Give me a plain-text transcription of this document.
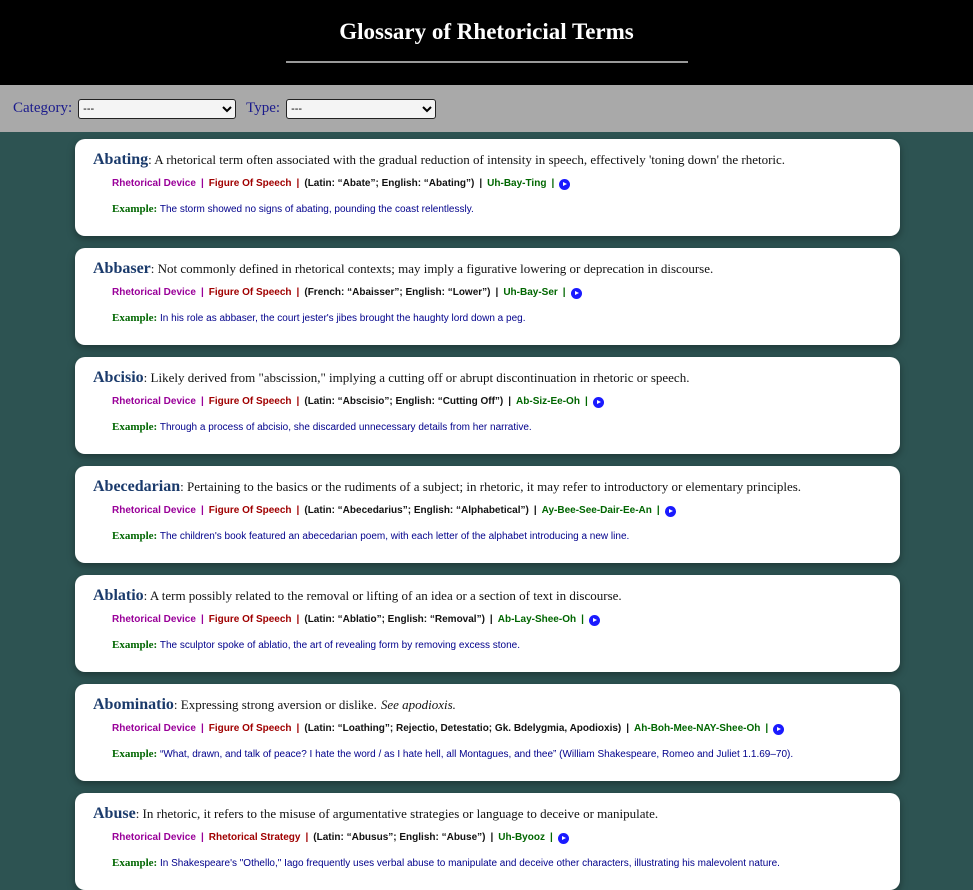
Glossary of Rhetoricial Terms
Category:
---	Type:
---
Abating: A rhetorical term often associated with the gradual reduction of intensity in speech, effectively 'toning down' the rhetoric.
Rhetorical Device | Figure Of Speech | (Latin: “Abate”; English: “Abating”) | Uh-Bay-Ting |
Example: The storm showed no signs of abating, pounding the coast relentlessly.
Abbaser: Not commonly defined in rhetorical contexts; may imply a figurative lowering or deprecation in discourse.
Rhetorical Device | Figure Of Speech | (French: “Abaisser”; English: “Lower”) | Uh-Bay-Ser |
Example: In his role as abbaser, the court jester's jibes brought the haughty lord down a peg.
Abcisio: Likely derived from "abscission," implying a cutting off or abrupt discontinuation in rhetoric or speech.
Rhetorical Device | Figure Of Speech | (Latin: “Abscisio”; English: “Cutting Off”) | Ab-Siz-Ee-Oh |
Example: Through a process of abcisio, she discarded unnecessary details from her narrative.
Abecedarian: Pertaining to the basics or the rudiments of a subject; in rhetoric, it may refer to introductory or elementary principles.
Rhetorical Device | Figure Of Speech | (Latin: “Abecedarius”; English: “Alphabetical”) | Ay-Bee-See-Dair-Ee-An |
Example: The children's book featured an abecedarian poem, with each letter of the alphabet introducing a new line.
Ablatio: A term possibly related to the removal or lifting of an idea or a section of text in discourse.
Rhetorical Device | Figure Of Speech | (Latin: “Ablatio”; English: “Removal”) | Ab-Lay-Shee-Oh |
Example: The sculptor spoke of ablatio, the art of revealing form by removing excess stone.
Abominatio: Expressing strong aversion or dislike. See apodioxis.
Rhetorical Device | Figure Of Speech | (Latin: “Loathing”; Rejectio, Detestatio; Gk. Bdelygmia, Apodioxis) | Ah-Boh-Mee-NAY-Shee-Oh |
Example: “What, drawn, and talk of peace? I hate the word / as I hate hell, all Montagues, and thee” (William Shakespeare, Romeo and Juliet 1.1.69–70).
Abuse: In rhetoric, it refers to the misuse of argumentative strategies or language to deceive or manipulate.
Rhetorical Device | Rhetorical Strategy | (Latin: “Abusus”; English: “Abuse”) | Uh-Byooz |
Example: In Shakespeare's "Othello," Iago frequently uses verbal abuse to manipulate and deceive other characters, illustrating his malevolent nature.
